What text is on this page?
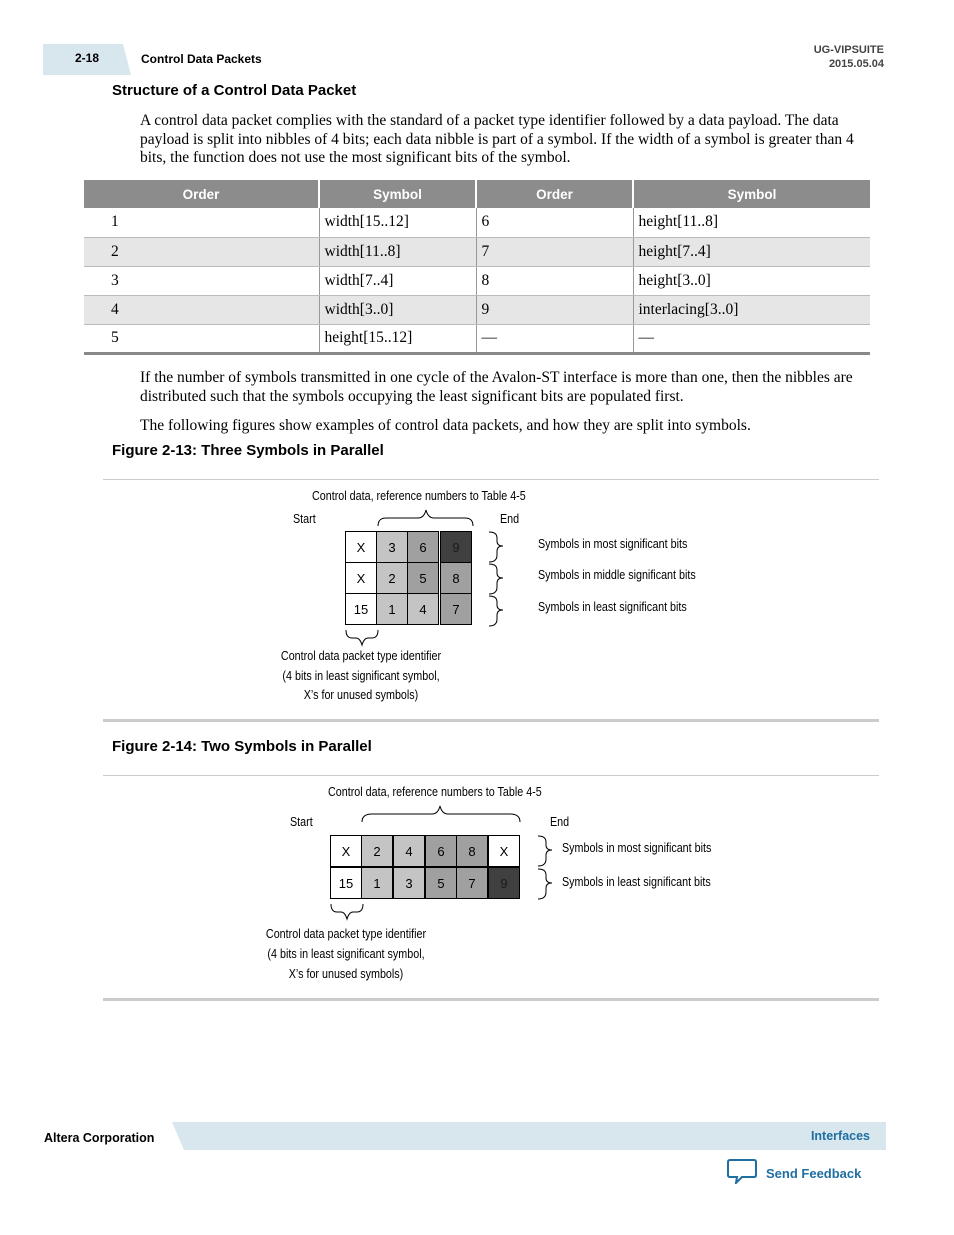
2-18	Control Data Packets
UG-VIPSUITE
2015.05.04
Structure of a Control Data Packet
A control data packet complies with the standard of a packet type identifier followed by a data payload. The data payload is split into nibbles of 4 bits; each data nibble is part of a symbol. If the width of a symbol is greater than 4 bits, the function does not use the most significant bits of the symbol.
Order	Symbol	Order	Symbol
1	width[15..12]	6	height[11..8]
2	width[11..8]	7	height[7..4]
3	width[7..4]	8	height[3..0]
4	width[3..0]	9	interlacing[3..0]
5	height[15..12]	—	—
If the number of symbols transmitted in one cycle of the Avalon-ST interface is more than one, then the nibbles are distributed such that the symbols occupying the least significant bits are populated first.
The following figures show examples of control data packets, and how they are split into symbols.
Figure 2-13: Three Symbols in Parallel
Control data, reference numbers to Table 4-5
Start	End
X	3	6	9
X	2	5	8
15	1	4	7
Symbols in most significant bits
Symbols in middle significant bits
Symbols in least significant bits
Control data packet type identifier
(4 bits in least significant symbol,
X’s for unused symbols)
Figure 2-14: Two Symbols in Parallel
Control data, reference numbers to Table 4-5
Start	End
X	2	4	6	8	X
15	1	3	5	7	9
Symbols in most significant bits
Symbols in least significant bits
Control data packet type identifier
(4 bits in least significant symbol,
X’s for unused symbols)
Altera Corporation	Interfaces
Send Feedback
